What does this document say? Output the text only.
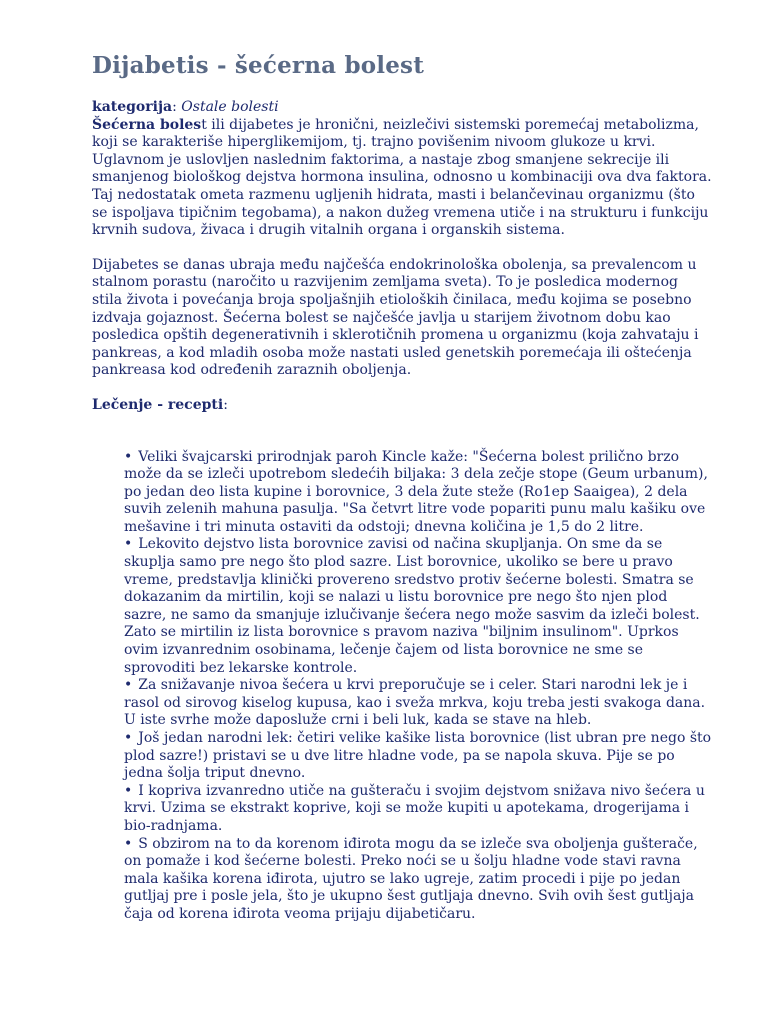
Dijabetis - šećerna bolest

kategorija: Ostale bolesti

Šećerna bolest ili dijabetes je hronični, neizlečivi sistemski poremećaj metabolizma, koji se karakteriše hiperglikemijom, tj. trajno povišenim nivoom glukoze u krvi. Uglavnom je uslovljen naslednim faktorima, a nastaje zbog smanjene sekrecije ili smanjenog biološkog dejstva hormona insulina, odnosno u kombinaciji ova dva faktora. Taj nedostatak ometa razmenu ugljenih hidrata, masti i belančevinau organizmu (što se ispoljava tipičnim tegobama), a nakon dužeg vremena utiče i na strukturu i funkciju krvnih sudova, živaca i drugih vitalnih organa i organskih sistema.

Dijabetes se danas ubraja među najčešća endokrinološka obolenja, sa prevalencom u stalnom porastu (naročito u razvijenim zemljama sveta). To je posledica modernog stila života i povećanja broja spoljašnjih etioloških činilaca, među kojima se posebno izdvaja gojaznost. Šećerna bolest se najčešće javlja u starijem životnom dobu kao posledica opštih degenerativnih i sklerotičnih promena u organizmu (koja zahvataju i pankreas, a kod mladih osoba može nastati usled genetskih poremećaja ili oštećenja pankreasa kod određenih zaraznih oboljenja.

Lečenje - recepti:

• Veliki švajcarski prirodnjak paroh Kincle kaže: "Šećerna bolest prilično brzo može da se izleči upotrebom sledećih biljaka: 3 dela zečje stope (Geum urbanum), po jedan deo lista kupine i borovnice, 3 dela žute steže (Ro1ep Saaigea), 2 dela suvih zelenih mahuna pasulja. "Sa četvrt litre vode popariti punu malu kašiku ove mešavine i tri minuta ostaviti da odstoji; dnevna količina je 1,5 do 2 litre.

• Lekovito dejstvo lista borovnice zavisi od načina skupljanja. On sme da se skuplja samo pre nego što plod sazre. List borovnice, ukoliko se bere u pravo vreme, predstavlja klinički provereno sredstvo protiv šećerne bolesti. Smatra se dokazanim da mirtilin, koji se nalazi u listu borovnice pre nego što njen plod sazre, ne samo da smanjuje izlučivanje šećera nego može sasvim da izleči bolest. Zato se mirtilin iz lista borovnice s pravom naziva "biljnim insulinom". Uprkos ovim izvanrednim osobinama, lečenje čajem od lista borovnice ne sme se sprovoditi bez lekarske kontrole.

• Za snižavanje nivoa šećera u krvi preporučuje se i celer. Stari narodni lek je i rasol od sirovog kiselog kupusa, kao i sveža mrkva, koju treba jesti svakoga dana. U iste svrhe može daposluže crni i beli luk, kada se stave na hleb.

• Još jedan narodni lek: četiri velike kašike lista borovnice (list ubran pre nego što plod sazre!) pristavi se u dve litre hladne vode, pa se napola skuva. Pije se po jedna šolja triput dnevno.

• I kopriva izvanredno utiče na gušteraču i svojim dejstvom snižava nivo šećera u krvi. Uzima se ekstrakt koprive, koji se može kupiti u apotekama, drogerijama i bio-radnjama.

• S obzirom na to da korenom iđirota mogu da se izleče sva oboljenja gušterače, on pomaže i kod šećerne bolesti. Preko noći se u šolju hladne vode stavi ravna mala kašika korena iđirota, ujutro se lako ugreje, zatim procedi i pije po jedan gutljaj pre i posle jela, što je ukupno šest gutljaja dnevno. Svih ovih šest gutljaja čaja od korena iđirota veoma prijaju dijabetičaru.
